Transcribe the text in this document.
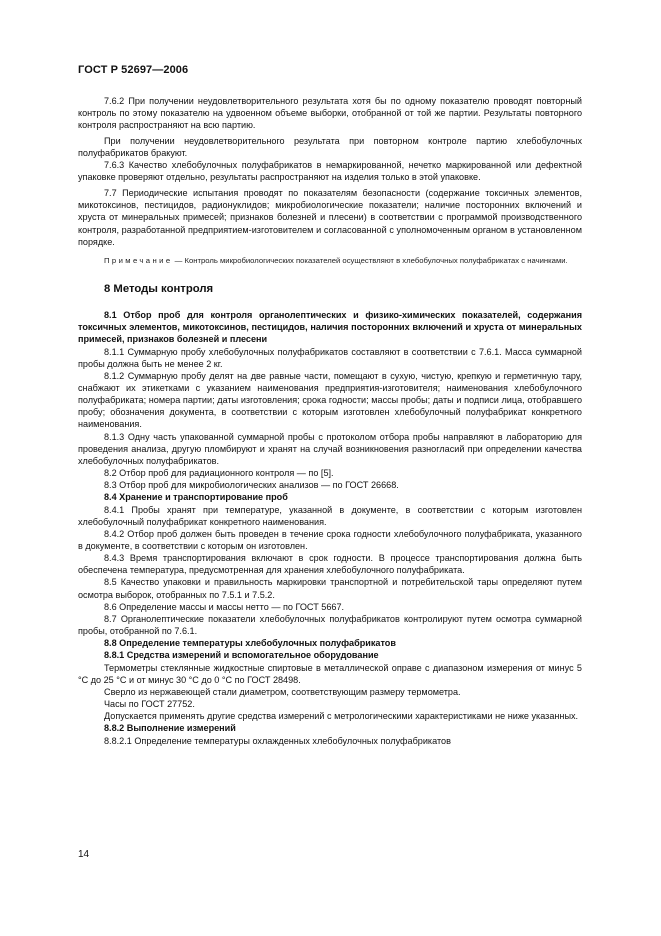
ГОСТ Р 52697—2006

7.6.2 При получении неудовлетворительного результата хотя бы по одному показателю проводят повторный контроль по этому показателю на удвоенном объеме выборки, отобранной от той же партии. Результаты повторного контроля распространяют на всю партию.

При получении неудовлетворительного результата при повторном контроле партию хлебобулочных полуфабрикатов бракуют.

7.6.3 Качество хлебобулочных полуфабрикатов в немаркированной, нечетко маркированной или дефектной упаковке проверяют отдельно, результаты распространяют на изделия только в этой упаковке.

7.7 Периодические испытания проводят по показателям безопасности (содержание токсичных элементов, микотоксинов, пестицидов, радионуклидов; микробиологические показатели; наличие посторонних включений и хруста от минеральных примесей; признаков болезней и плесени) в соответствии с программой производственного контроля, разработанной предприятием-изготовителем и согласованной с уполномоченным органом в установленном порядке.

Примечание — Контроль микробиологических показателей осуществляют в хлебобулочных полуфабрикатах с начинками.

8 Методы контроля

8.1 Отбор проб для контроля органолептических и физико-химических показателей, содержания токсичных элементов, микотоксинов, пестицидов, наличия посторонних включений и хруста от минеральных примесей, признаков болезней и плесени

8.1.1 Суммарную пробу хлебобулочных полуфабрикатов составляют в соответствии с 7.6.1. Масса суммарной пробы должна быть не менее 2 кг.

8.1.2 Суммарную пробу делят на две равные части, помещают в сухую, чистую, крепкую и герметичную тару, снабжают их этикетками с указанием наименования предприятия-изготовителя; наименования хлебобулочного полуфабриката; номера партии; даты изготовления; срока годности; массы пробы; даты и подписи лица, отобравшего пробу; обозначения документа, в соответствии с которым изготовлен хлебобулочный полуфабрикат конкретного наименования.

8.1.3 Одну часть упакованной суммарной пробы с протоколом отбора пробы направляют в лабораторию для проведения анализа, другую пломбируют и хранят на случай возникновения разногласий при определении качества хлебобулочных полуфабрикатов.

8.2 Отбор проб для радиационного контроля — по [5].

8.3 Отбор проб для микробиологических анализов — по ГОСТ 26668.

8.4 Хранение и транспортирование проб

8.4.1 Пробы хранят при температуре, указанной в документе, в соответствии с которым изготовлен хлебобулочный полуфабрикат конкретного наименования.

8.4.2 Отбор проб должен быть проведен в течение срока годности хлебобулочного полуфабриката, указанного в документе, в соответствии с которым он изготовлен.

8.4.3 Время транспортирования включают в срок годности. В процессе транспортирования должна быть обеспечена температура, предусмотренная для хранения хлебобулочного полуфабриката.

8.5 Качество упаковки и правильность маркировки транспортной и потребительской тары определяют путем осмотра выборок, отобранных по 7.5.1 и 7.5.2.

8.6 Определение массы и массы нетто — по ГОСТ 5667.

8.7 Органолептические показатели хлебобулочных полуфабрикатов контролируют путем осмотра суммарной пробы, отобранной по 7.6.1.

8.8 Определение температуры хлебобулочных полуфабрикатов

8.8.1 Средства измерений и вспомогательное оборудование

Термометры стеклянные жидкостные спиртовые в металлической оправе с диапазоном измерения от минус 5 °С до 25 °С и от минус 30 °С до 0 °С по ГОСТ 28498.

Сверло из нержавеющей стали диаметром, соответствующим размеру термометра.

Часы по ГОСТ 27752.

Допускается применять другие средства измерений с метрологическими характеристиками не ниже указанных.

8.8.2 Выполнение измерений

8.8.2.1 Определение температуры охлажденных хлебобулочных полуфабрикатов

14
